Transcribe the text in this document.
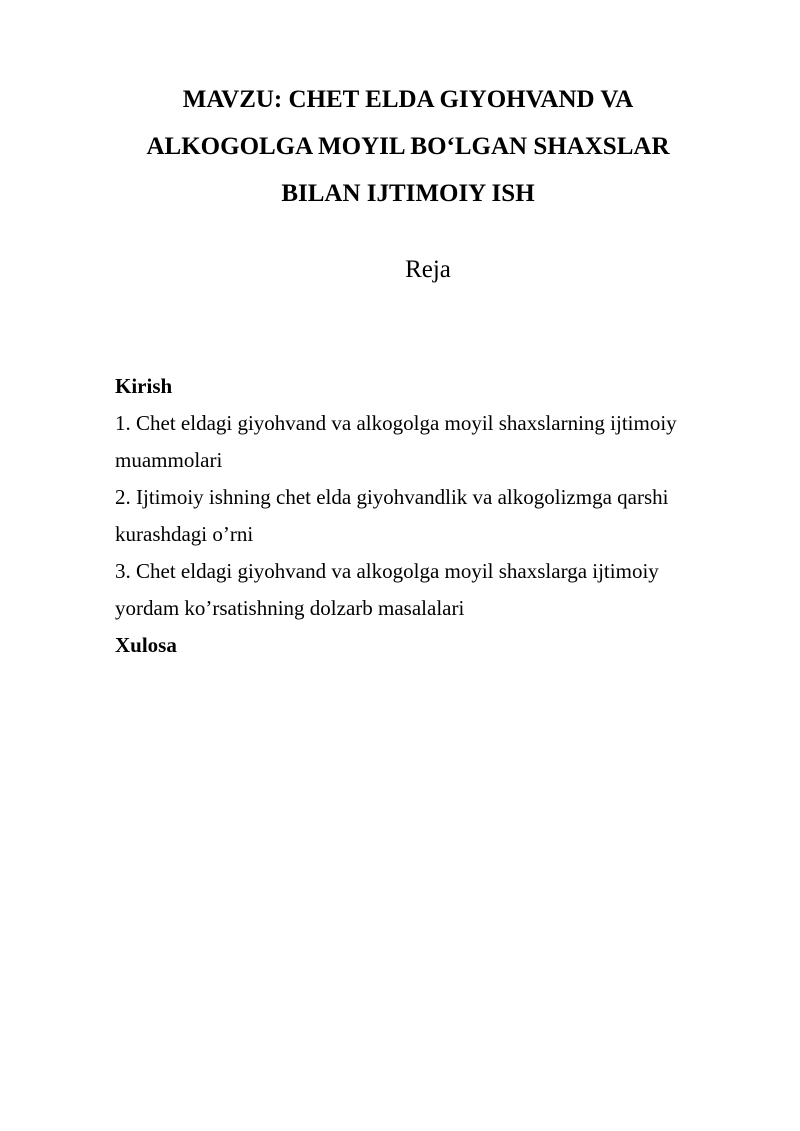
MAVZU: CHET ELDA GIYOHVAND VA
ALKOGOLGA MOYIL BO‘LGAN SHAXSLAR
BILAN IJTIMOIY ISH
Reja
Kirish
1. Chet eldagi giyohvand va alkogolga moyil shaxslarning ijtimoiy
muammolari
2. Ijtimoiy ishning chet elda giyohvandlik va alkogolizmga qarshi
kurashdagi o’rni
3. Chet eldagi giyohvand va alkogolga moyil shaxslarga ijtimoiy
yordam ko’rsatishning dolzarb masalalari
Xulosa
